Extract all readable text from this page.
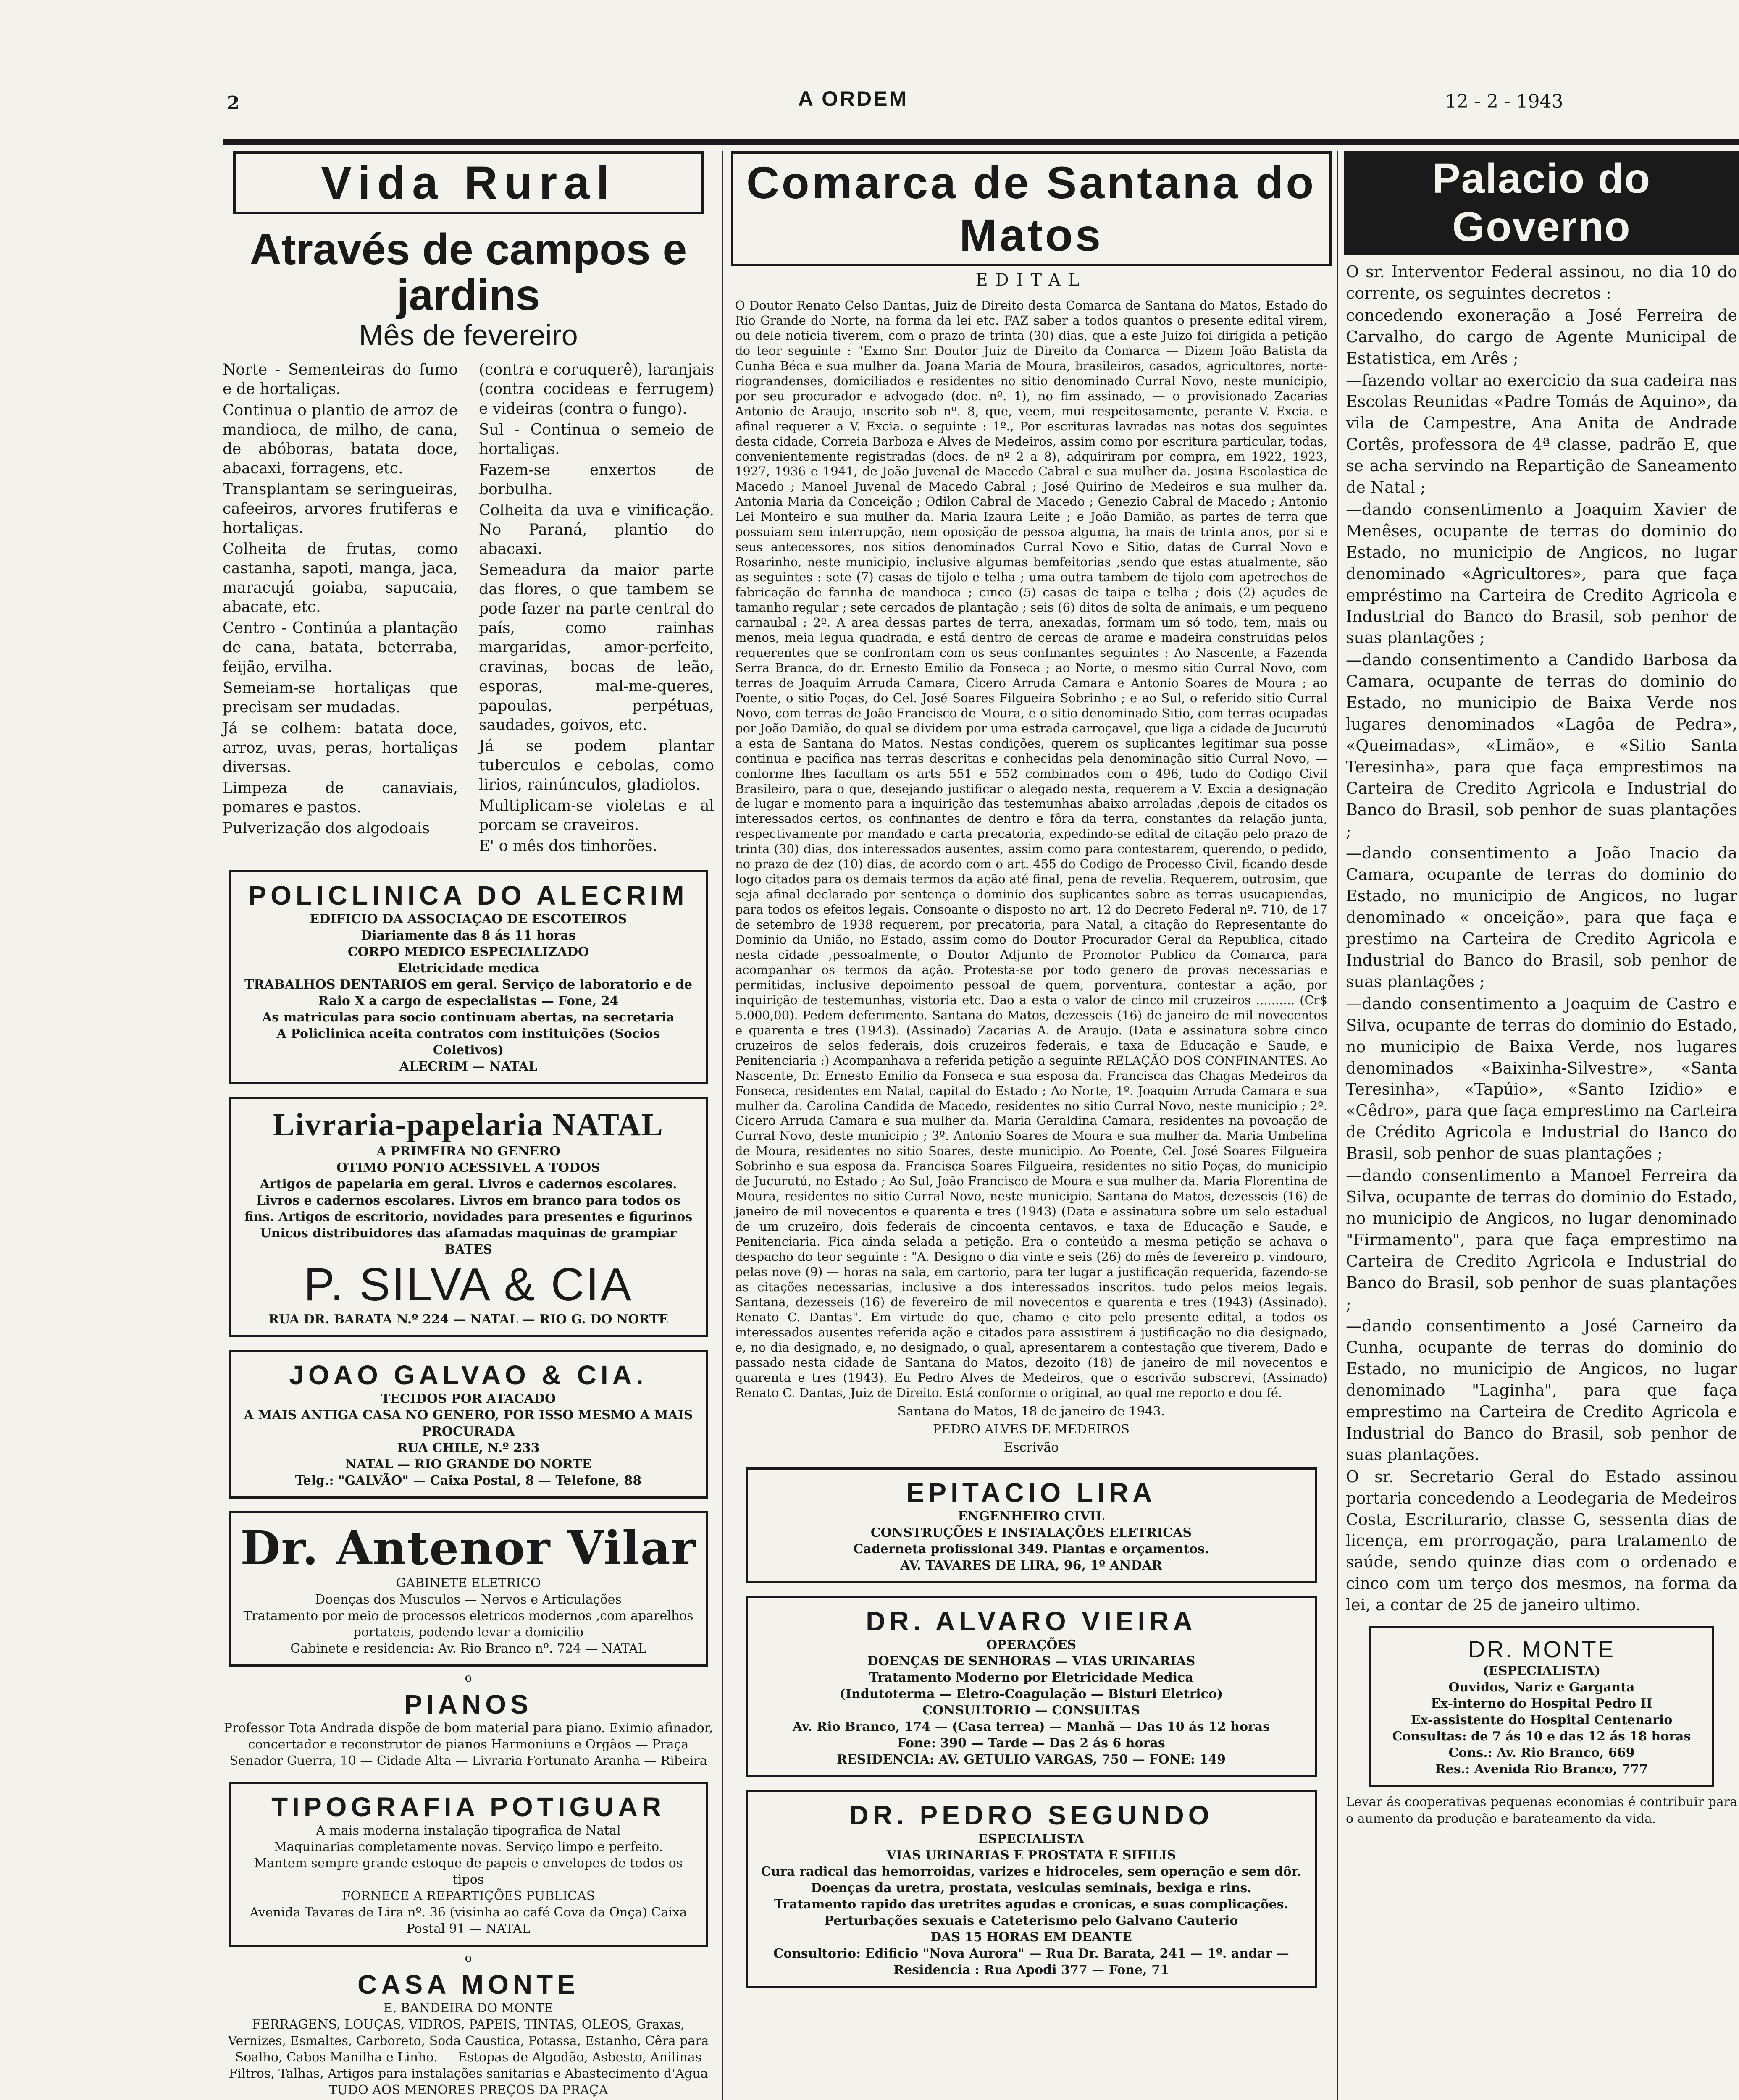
2	A ORDEM	12 - 2 - 1943
Vida Rural
Através de campos e jardins
Mês de fevereiro

Norte - Sementeiras do fumo e de hortaliças.

Continua o plantio de arroz de mandioca, de milho, de cana, de abóboras, batata doce, abacaxi, forragens, etc.

Transplantam se seringueiras, cafeeiros, arvores frutiferas e hortaliças.

Colheita de frutas, como castanha, sapoti, manga, jaca, maracujá goiaba, sapucaia, abacate, etc.

Centro - Continúa a plantação de cana, batata, beterraba, feijão, ervilha.

Semeiam-se hortaliças que precisam ser mudadas.

Já se colhem: batata doce, arroz, uvas, peras, hortaliças diversas.

Limpeza de canaviais, pomares e pastos.

Pulverização dos algodoais

(contra e coruquerê), laranjais (contra cocideas e ferrugem) e videiras (contra o fungo).

Sul - Continua o semeio de hortaliças.

Fazem-se enxertos de borbulha.

Colheita da uva e vinificação. No Paraná, plantio do abacaxi.

Semeadura da maior parte das flores, o que tambem se pode fazer na parte central do país, como rainhas margaridas, amor-perfeito, cravinas, bocas de leão, esporas, mal-me-queres, papoulas, perpétuas, saudades, goivos, etc.

Já se podem plantar tuberculos e cebolas, como lirios, rainúnculos, gladiolos.

Multiplicam-se violetas e al porcam se craveiros.

E' o mês dos tinhorões.

POLICLINICA DO ALECRIM
EDIFICIO DA ASSOCIAÇAO DE ESCOTEIROS
Diariamente das 8 ás 11 horas
CORPO MEDICO ESPECIALIZADO
Eletricidade medica
TRABALHOS DENTARIOS em geral. Serviço de laboratorio e de Raio X a cargo de especialistas — Fone, 24
As matriculas para socio continuam abertas, na secretaria
A Policlinica aceita contratos com instituições (Socios Coletivos)
ALECRIM — NATAL
Livraria-papelaria NATAL
A PRIMEIRA NO GENERO
OTIMO PONTO ACESSIVEL A TODOS
Artigos de papelaria em geral. Livros e cadernos escolares. Livros e cadernos escolares. Livros em branco para todos os fins. Artigos de escritorio, novidades para presentes e figurinos
Unicos distribuidores das afamadas maquinas de grampiar BATES
P. SILVA & CIA
RUA DR. BARATA N.º 224 — NATAL — RIO G. DO NORTE
JOAO GALVAO & CIA.
TECIDOS POR ATACADO
A MAIS ANTIGA CASA NO GENERO, POR ISSO MESMO A MAIS PROCURADA
RUA CHILE, N.º 233
NATAL — RIO GRANDE DO NORTE
Telg.: "GALVÃO" — Caixa Postal, 8 — Telefone, 88
Dr. Antenor Vilar
GABINETE ELETRICO
Doenças dos Musculos — Nervos e Articulações
Tratamento por meio de processos eletricos modernos ,com aparelhos portateis, podendo levar a domicilio
Gabinete e residencia: Av. Rio Branco nº. 724 — NATAL
o
PIANOS
Professor Tota Andrada dispõe de bom material para piano. Eximio afinador, concertador e reconstrutor de pianos Harmoniuns e Orgãos — Praça Senador Guerra, 10 — Cidade Alta — Livraria Fortunato Aranha — Ribeira
TIPOGRAFIA POTIGUAR
A mais moderna instalação tipografica de Natal
Maquinarias completamente novas. Serviço limpo e perfeito.
Mantem sempre grande estoque de papeis e envelopes de todos os tipos
FORNECE A REPARTIÇÕES PUBLICAS
Avenida Tavares de Lira nº. 36 (visinha ao café Cova da Onça) Caixa Postal 91 — NATAL
o
CASA MONTE
E. BANDEIRA DO MONTE
FERRAGENS, LOUÇAS, VIDROS, PAPEIS, TINTAS, OLEOS, Graxas, Vernizes, Esmaltes, Carboreto, Soda Caustica, Potassa, Estanho, Cêra para Soalho, Cabos Manilha e Linho. — Estopas de Algodão, Asbesto, Anilinas Filtros, Talhas, Artigos para instalações sanitarias e Abastecimento d'Agua
TUDO AOS MENORES PREÇOS DA PRAÇA
Comarca de Santana do Matos
EDITAL
O Doutor Renato Celso Dantas, Juiz de Direito desta Comarca de Santana do Matos, Estado do Rio Grande do Norte, na forma da lei etc. FAZ saber a todos quantos o presente edital virem, ou dele noticia tiverem, com o prazo de trinta (30) dias, que a este Juizo foi dirigida a petição do teor seguinte : "Exmo Snr. Doutor Juiz de Direito da Comarca — Dizem João Batista da Cunha Béca e sua mulher da. Joana Maria de Moura, brasileiros, casados, agricultores, norte-riograndenses, domiciliados e residentes no sitio denominado Curral Novo, neste municipio, por seu procurador e advogado (doc. nº. 1), no fim assinado, — o provisionado Zacarias Antonio de Araujo, inscrito sob nº. 8, que, veem, mui respeitosamente, perante V. Excia. e afinal requerer a V. Excia. o seguinte : 1º., Por escrituras lavradas nas notas dos seguintes desta cidade, Correia Barboza e Alves de Medeiros, assim como por escritura particular, todas, convenientemente registradas (docs. de nº 2 a 8), adquiriram por compra, em 1922, 1923, 1927, 1936 e 1941, de João Juvenal de Macedo Cabral e sua mulher da. Josina Escolastica de Macedo ; Manoel Juvenal de Macedo Cabral ; José Quirino de Medeiros e sua mulher da. Antonia Maria da Conceição ; Odilon Cabral de Macedo ; Genezio Cabral de Macedo ; Antonio Lei Monteiro e sua mulher da. Maria Izaura Leite ; e João Damião, as partes de terra que possuiam sem interrupção, nem oposição de pessoa alguma, ha mais de trinta anos, por si e seus antecessores, nos sitios denominados Curral Novo e Sitio, datas de Curral Novo e Rosarinho, neste municipio, inclusive algumas bemfeitorias ,sendo que estas atualmente, são as seguintes : sete (7) casas de tijolo e telha ; uma outra tambem de tijolo com apetrechos de fabricação de farinha de mandioca ; cinco (5) casas de taipa e telha ; dois (2) açudes de tamanho regular ; sete cercados de plantação ; seis (6) ditos de solta de animais, e um pequeno carnaubal ; 2º. A area dessas partes de terra, anexadas, formam um só todo, tem, mais ou menos, meia legua quadrada, e está dentro de cercas de arame e madeira construidas pelos requerentes que se confrontam com os seus confinantes seguintes : Ao Nascente, a Fazenda Serra Branca, do dr. Ernesto Emilio da Fonseca ; ao Norte, o mesmo sitio Curral Novo, com terras de Joaquim Arruda Camara, Cicero Arruda Camara e Antonio Soares de Moura ; ao Poente, o sitio Poças, do Cel. José Soares Filgueira Sobrinho ; e ao Sul, o referido sitio Curral Novo, com terras de João Francisco de Moura, e o sitio denominado Sitio, com terras ocupadas por João Damião, do qual se dividem por uma estrada carroçavel, que liga a cidade de Jucurutú a esta de Santana do Matos. Nestas condições, querem os suplicantes legitimar sua posse continua e pacifica nas terras descritas e conhecidas pela denominação sitio Curral Novo, — conforme lhes facultam os arts 551 e 552 combinados com o 496, tudo do Codigo Civil Brasileiro, para o que, desejando justificar o alegado nesta, requerem a V. Excia a designação de lugar e momento para a inquirição das testemunhas abaixo arroladas ,depois de citados os interessados certos, os confinantes de dentro e fôra da terra, constantes da relação junta, respectivamente por mandado e carta precatoria, expedindo-se edital de citação pelo prazo de trinta (30) dias, dos interessados ausentes, assim como para contestarem, querendo, o pedido, no prazo de dez (10) dias, de acordo com o art. 455 do Codigo de Processo Civil, ficando desde logo citados para os demais termos da ação até final, pena de revelia. Requerem, outrosim, que seja afinal declarado por sentença o dominio dos suplicantes sobre as terras usucapiendas, para todos os efeitos legais. Consoante o disposto no art. 12 do Decreto Federal nº. 710, de 17 de setembro de 1938 requerem, por precatoria, para Natal, a citação do Representante do Dominio da União, no Estado, assim como do Doutor Procurador Geral da Republica, citado nesta cidade ,pessoalmente, o Doutor Adjunto de Promotor Publico da Comarca, para acompanhar os termos da ação. Protesta-se por todo genero de provas necessarias e permitidas, inclusive depoimento pessoal de quem, porventura, contestar a ação, por inquirição de testemunhas, vistoria etc. Dao a esta o valor de cinco mil cruzeiros .......... (Cr$ 5.000,00). Pedem deferimento. Santana do Matos, dezesseis (16) de janeiro de mil novecentos e quarenta e tres (1943). (Assinado) Zacarias A. de Araujo. (Data e assinatura sobre cinco cruzeiros de selos federais, dois cruzeiros federais, e taxa de Educação e Saude, e Penitenciaria :) Acompanhava a referida petição a seguinte RELAÇÃO DOS CONFINANTES. Ao Nascente, Dr. Ernesto Emilio da Fonseca e sua esposa da. Francisca das Chagas Medeiros da Fonseca, residentes em Natal, capital do Estado ; Ao Norte, 1º. Joaquim Arruda Camara e sua mulher da. Carolina Candida de Macedo, residentes no sitio Curral Novo, neste municipio ; 2º. Cicero Arruda Camara e sua mulher da. Maria Geraldina Camara, residentes na povoação de Curral Novo, deste municipio ; 3º. Antonio Soares de Moura e sua mulher da. Maria Umbelina de Moura, residentes no sitio Soares, deste municipio. Ao Poente, Cel. José Soares Filgueira Sobrinho e sua esposa da. Francisca Soares Filgueira, residentes no sitio Poças, do municipio de Jucurutú, no Estado ; Ao Sul, João Francisco de Moura e sua mulher da. Maria Florentina de Moura, residentes no sitio Curral Novo, neste municipio. Santana do Matos, dezesseis (16) de janeiro de mil novecentos e quarenta e tres (1943) (Data e assinatura sobre um selo estadual de um cruzeiro, dois federais de cincoenta centavos, e taxa de Educação e Saude, e Penitenciaria. Fica ainda selada a petição. Era o conteúdo a mesma petição se achava o despacho do teor seguinte : "A. Designo o dia vinte e seis (26) do mês de fevereiro p. vindouro, pelas nove (9) — horas na sala, em cartorio, para ter lugar a justificação requerida, fazendo-se as citações necessarias, inclusive a dos interessados inscritos. tudo pelos meios legais. Santana, dezesseis (16) de fevereiro de mil novecentos e quarenta e tres (1943) (Assinado). Renato C. Dantas". Em virtude do que, chamo e cito pelo presente edital, a todos os interessados ausentes referida ação e citados para assistirem á justificação no dia designado, e, no dia designado, e, no designado, o qual, apresentarem a contestação que tiverem, Dado e passado nesta cidade de Santana do Matos, dezoito (18) de janeiro de mil novecentos e quarenta e tres (1943). Eu Pedro Alves de Medeiros, que o escrivão subscrevi, (Assinado) Renato C. Dantas, Juiz de Direito. Está conforme o original, ao qual me reporto e dou fé.
Santana do Matos, 18 de janeiro de 1943.
PEDRO ALVES DE MEDEIROS
Escrivão
EPITACIO LIRA
ENGENHEIRO CIVIL
CONSTRUÇÕES E INSTALAÇÕES ELETRICAS
Caderneta profissional 349. Plantas e orçamentos.
AV. TAVARES DE LIRA, 96, 1º ANDAR
DR. ALVARO VIEIRA
OPERAÇÕES
DOENÇAS DE SENHORAS — VIAS URINARIAS
Tratamento Moderno por Eletricidade Medica
(Indutoterma — Eletro-Coagulação — Bisturi Eletrico)
CONSULTORIO — CONSULTAS
Av. Rio Branco, 174 — (Casa terrea) — Manhã — Das 10 ás 12 horas
Fone: 390 — Tarde — Das 2 ás 6 horas
RESIDENCIA: AV. GETULIO VARGAS, 750 — FONE: 149
DR. PEDRO SEGUNDO
ESPECIALISTA
VIAS URINARIAS E PROSTATA E SIFILIS
Cura radical das hemorroidas, varizes e hidroceles, sem operação e sem dôr. Doenças da uretra, prostata, vesiculas seminais, bexiga e rins.
Tratamento rapido das uretrites agudas e cronicas, e suas complicações. Perturbações sexuais e Cateterismo pelo Galvano Cauterio
DAS 15 HORAS EM DEANTE
Consultorio: Edificio "Nova Aurora" — Rua Dr. Barata, 241 — 1º. andar — Residencia : Rua Apodi 377 — Fone, 71
Palacio do Governo

O sr. Interventor Federal assinou, no dia 10 do corrente, os seguintes decretos :

concedendo exoneração a José Ferreira de Carvalho, do cargo de Agente Municipal de Estatistica, em Arês ;

—fazendo voltar ao exercicio da sua cadeira nas Escolas Reunidas «Padre Tomás de Aquino», da vila de Campestre, Ana Anita de Andrade Cortês, professora de 4ª classe, padrão E, que se acha servindo na Repartição de Saneamento de Natal ;

—dando consentimento a Joaquim Xavier de Menêses, ocupante de terras do dominio do Estado, no municipio de Angicos, no lugar denominado «Agricultores», para que faça empréstimo na Carteira de Credito Agricola e Industrial do Banco do Brasil, sob penhor de suas plantações ;

—dando consentimento a Candido Barbosa da Camara, ocupante de terras do dominio do Estado, no municipio de Baixa Verde nos lugares denominados «Lagôa de Pedra», «Queimadas», «Limão», e «Sitio Santa Teresinha», para que faça emprestimos na Carteira de Credito Agricola e Industrial do Banco do Brasil, sob penhor de suas plantações ;

—dando consentimento a João Inacio da Camara, ocupante de terras do dominio do Estado, no municipio de Angicos, no lugar denominado « onceição», para que faça e prestimo na Carteira de Credito Agricola e Industrial do Banco do Brasil, sob penhor de suas plantações ;

—dando consentimento a Joaquim de Castro e Silva, ocupante de terras do dominio do Estado, no municipio de Baixa Verde, nos lugares denominados «Baixinha-Silvestre», «Santa Teresinha», «Tapúio», «Santo Izidio» e «Cêdro», para que faça emprestimo na Carteira de Crédito Agricola e Industrial do Banco do Brasil, sob penhor de suas plantações ;

—dando consentimento a Manoel Ferreira da Silva, ocupante de terras do dominio do Estado, no municipio de Angicos, no lugar denominado "Firmamento", para que faça emprestimo na Carteira de Credito Agricola e Industrial do Banco do Brasil, sob penhor de suas plantações ;

—dando consentimento a José Carneiro da Cunha, ocupante de terras do dominio do Estado, no municipio de Angicos, no lugar denominado "Laginha", para que faça emprestimo na Carteira de Credito Agricola e Industrial do Banco do Brasil, sob penhor de suas plantações.

O sr. Secretario Geral do Estado assinou portaria concedendo a Leodegaria de Medeiros Costa, Escriturario, classe G, sessenta dias de licença, em prorrogação, para tratamento de saúde, sendo quinze dias com o ordenado e cinco com um terço dos mesmos, na forma da lei, a contar de 25 de janeiro ultimo.

DR. MONTE
(ESPECIALISTA)
Ouvidos, Nariz e Garganta
Ex-interno do Hospital Pedro II
Ex-assistente do Hospital Centenario
Consultas: de 7 ás 10 e das 12 ás 18 horas
Cons.: Av. Rio Branco, 669
Res.: Avenida Rio Branco, 777
Levar ás cooperativas pequenas economias é contribuir para o aumento da produção e barateamento da vida.
